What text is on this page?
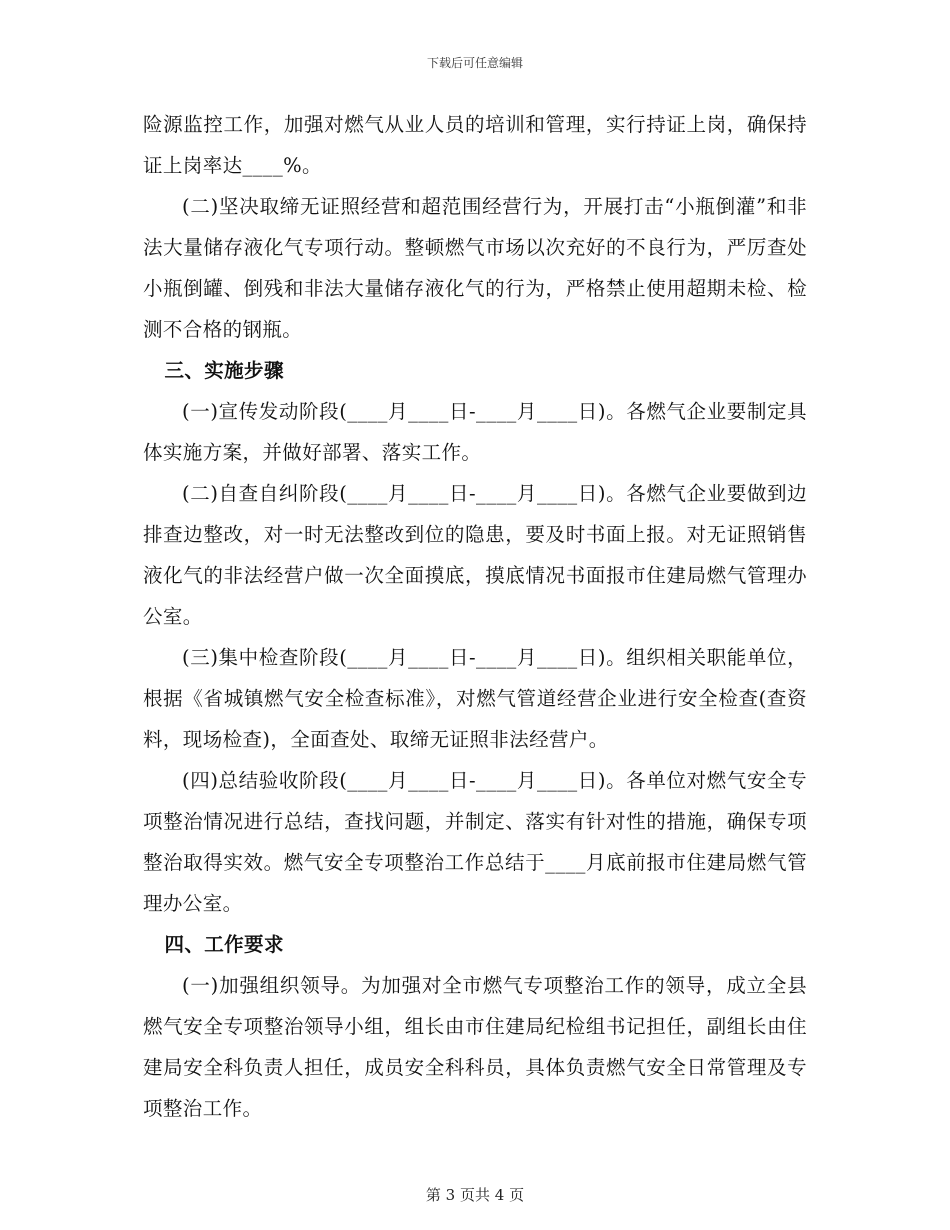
下载后可任意编辑

险源监控工作，加强对燃气从业人员的培训和管理，实行持证上岗，确保持证上岗率达____%。

(二)坚决取缔无证照经营和超范围经营行为，开展打击“小瓶倒灌”和非法大量储存液化气专项行动。整顿燃气市场以次充好的不良行为，严厉查处小瓶倒罐、倒残和非法大量储存液化气的行为，严格禁止使用超期未检、检测不合格的钢瓶。

三、实施步骤

(一)宣传发动阶段(____月____日-____月____日)。各燃气企业要制定具体实施方案，并做好部署、落实工作。

(二)自查自纠阶段(____月____日-____月____日)。各燃气企业要做到边排查边整改，对一时无法整改到位的隐患，要及时书面上报。对无证照销售液化气的非法经营户做一次全面摸底，摸底情况书面报市住建局燃气管理办公室。

(三)集中检查阶段(____月____日-____月____日)。组织相关职能单位，根据《省城镇燃气安全检查标准》，对燃气管道经营企业进行安全检查(查资料，现场检查)，全面查处、取缔无证照非法经营户。

(四)总结验收阶段(____月____日-____月____日)。各单位对燃气安全专项整治情况进行总结，查找问题，并制定、落实有针对性的措施，确保专项整治取得实效。燃气安全专项整治工作总结于____月底前报市住建局燃气管理办公室。

四、工作要求

(一)加强组织领导。为加强对全市燃气专项整治工作的领导，成立全县燃气安全专项整治领导小组，组长由市住建局纪检组书记担任，副组长由住建局安全科负责人担任，成员安全科科员，具体负责燃气安全日常管理及专项整治工作。

第 3 页共 4 页
